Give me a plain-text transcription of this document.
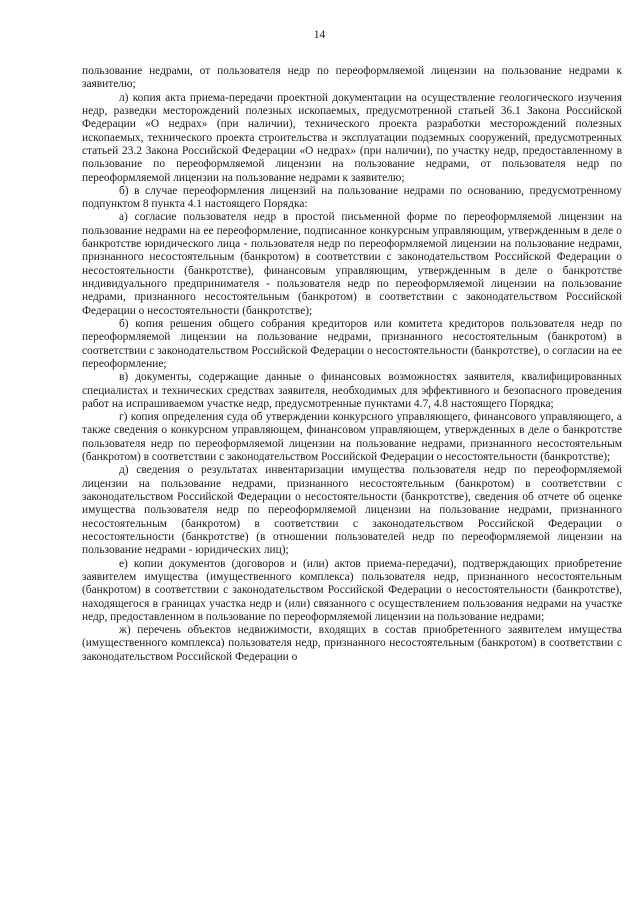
14

пользование недрами, от пользователя недр по переоформляемой лицензии на пользование недрами к заявителю;

л) копия акта приема-передачи проектной документации на осуществление геологического изучения недр, разведки месторождений полезных ископаемых, предусмотренной статьей 36.1 Закона Российской Федерации «О недрах» (при наличии), технического проекта разработки месторождений полезных ископаемых, технического проекта строительства и эксплуатации подземных сооружений, предусмотренных статьей 23.2 Закона Российской Федерации «О недрах» (при наличии), по участку недр, предоставленному в пользование по переоформляемой лицензии на пользование недрами, от пользователя недр по переоформляемой лицензии на пользование недрами к заявителю;

б) в случае переоформления лицензий на пользование недрами по основанию, предусмотренному подпунктом 8 пункта 4.1 настоящего Порядка:

а) согласие пользователя недр в простой письменной форме по переоформляемой лицензии на пользование недрами на ее переоформление, подписанное конкурсным управляющим, утвержденным в деле о банкротстве юридического лица - пользователя недр по переоформляемой лицензии на пользование недрами, признанного несостоятельным (банкротом) в соответствии с законодательством Российской Федерации о несостоятельности (банкротстве), финансовым управляющим, утвержденным в деле о банкротстве индивидуального предпринимателя - пользователя недр по переоформляемой лицензии на пользование недрами, признанного несостоятельным (банкротом) в соответствии с законодательством Российской Федерации о несостоятельности (банкротстве);

б) копия решения общего собрания кредиторов или комитета кредиторов пользователя недр по переоформляемой лицензии на пользование недрами, признанного несостоятельным (банкротом) в соответствии с законодательством Российской Федерации о несостоятельности (банкротстве), о согласии на ее переоформление;

в) документы, содержащие данные о финансовых возможностях заявителя, квалифицированных специалистах и технических средствах заявителя, необходимых для эффективного и безопасного проведения работ на испрашиваемом участке недр, предусмотренные пунктами 4.7, 4.8 настоящего Порядка;

г) копия определения суда об утверждении конкурсного управляющего, финансового управляющего, а также сведения о конкурсном управляющем, финансовом управляющем, утвержденных в деле о банкротстве пользователя недр по переоформляемой лицензии на пользование недрами, признанного несостоятельным (банкротом) в соответствии с законодательством Российской Федерации о несостоятельности (банкротстве);

д) сведения о результатах инвентаризации имущества пользователя недр по переоформляемой лицензии на пользование недрами, признанного несостоятельным (банкротом) в соответствии с законодательством Российской Федерации о несостоятельности (банкротстве), сведения об отчете об оценке имущества пользователя недр по переоформляемой лицензии на пользование недрами, признанного несостоятельным (банкротом) в соответствии с законодательством Российской Федерации о несостоятельности (банкротстве) (в отношении пользователей недр по переоформляемой лицензии на пользование недрами - юридических лиц);

е) копии документов (договоров и (или) актов приема-передачи), подтверждающих приобретение заявителем имущества (имущественного комплекса) пользователя недр, признанного несостоятельным (банкротом) в соответствии с законодательством Российской Федерации о несостоятельности (банкротстве), находящегося в границах участка недр и (или) связанного с осуществлением пользования недрами на участке недр, предоставленном в пользование по переоформляемой лицензии на пользование недрами;

ж) перечень объектов недвижимости, входящих в состав приобретенного заявителем имущества (имущественного комплекса) пользователя недр, признанного несостоятельным (банкротом) в соответствии с законодательством Российской Федерации о
